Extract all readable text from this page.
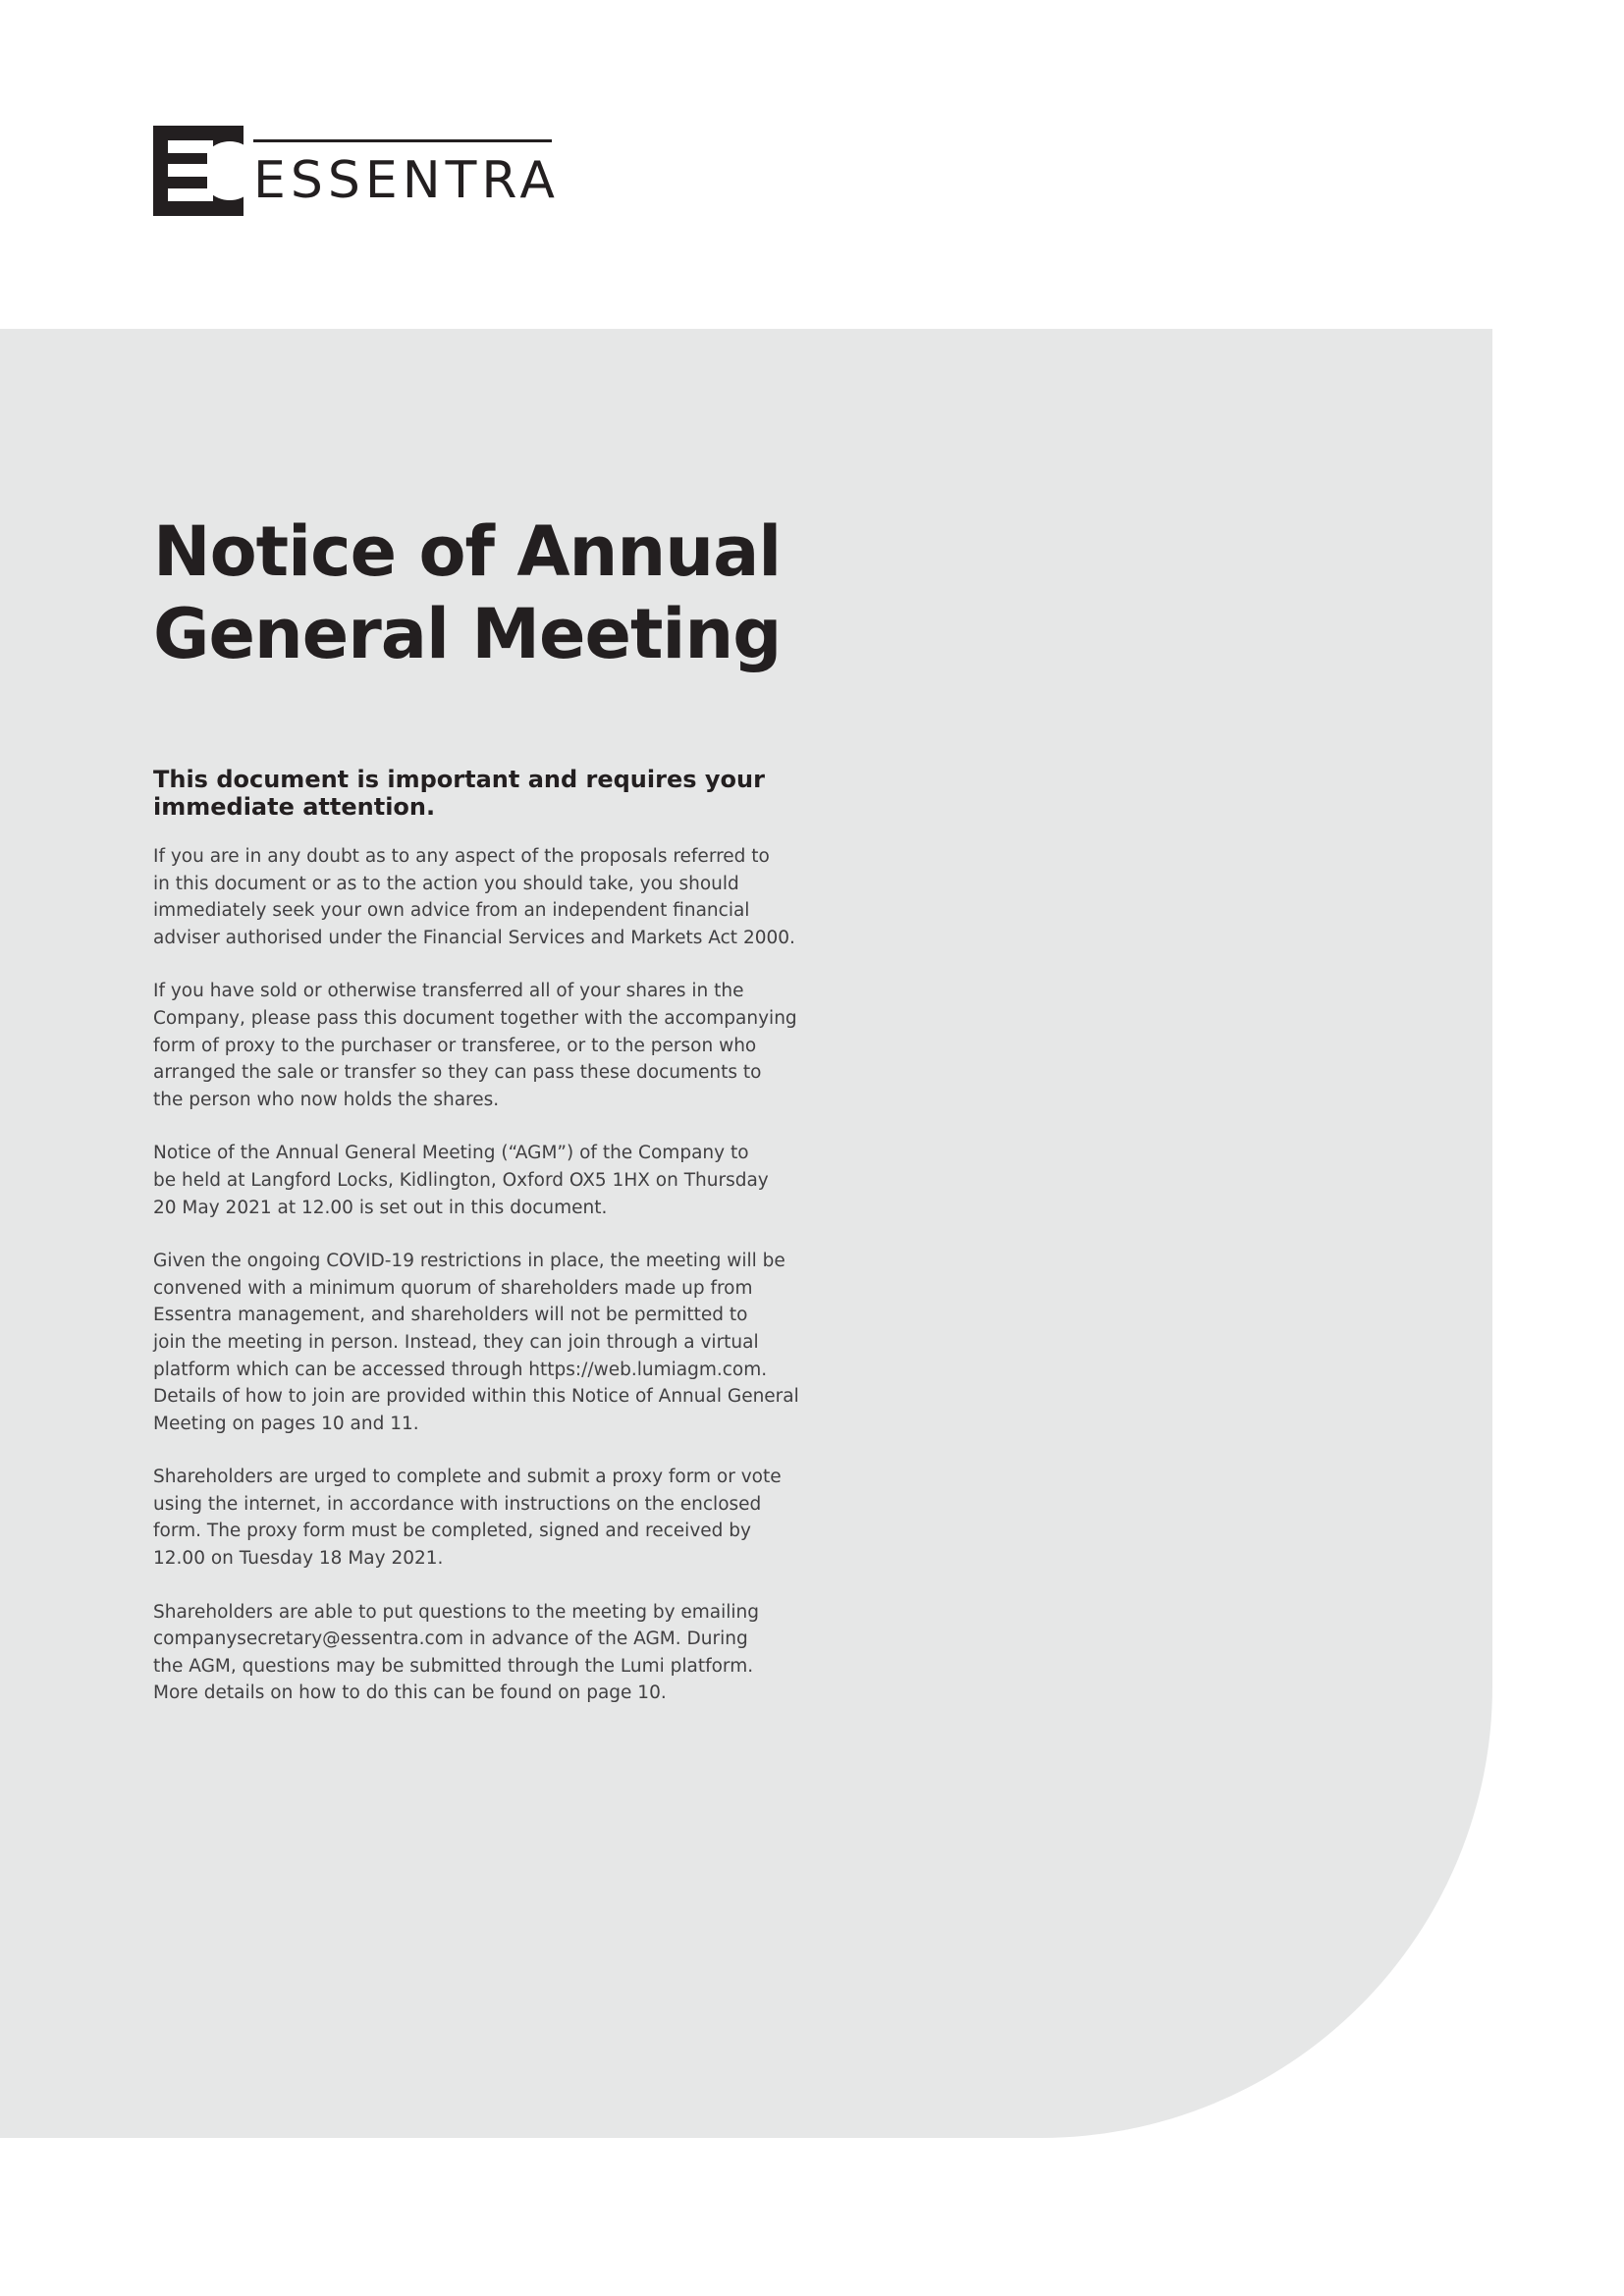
ESSENTRA
Notice of Annual
General Meeting

This document is important and requires your immediate attention.

If you are in any doubt as to any aspect of the proposals referred to
in this document or as to the action you should take, you should
immediately seek your own advice from an independent financial
adviser authorised under the Financial Services and Markets Act 2000.

If you have sold or otherwise transferred all of your shares in the
Company, please pass this document together with the accompanying
form of proxy to the purchaser or transferee, or to the person who
arranged the sale or transfer so they can pass these documents to
the person who now holds the shares.

Notice of the Annual General Meeting (“AGM”) of the Company to
be held at Langford Locks, Kidlington, Oxford OX5 1HX on Thursday
20 May 2021 at 12.00 is set out in this document.

Given the ongoing COVID-19 restrictions in place, the meeting will be
convened with a minimum quorum of shareholders made up from
Essentra management, and shareholders will not be permitted to
join the meeting in person. Instead, they can join through a virtual
platform which can be accessed through https://web.lumiagm.com.
Details of how to join are provided within this Notice of Annual General
Meeting on pages 10 and 11.

Shareholders are urged to complete and submit a proxy form or vote
using the internet, in accordance with instructions on the enclosed
form. The proxy form must be completed, signed and received by
12.00 on Tuesday 18 May 2021.

Shareholders are able to put questions to the meeting by emailing
companysecretary@essentra.com in advance of the AGM. During
the AGM, questions may be submitted through the Lumi platform.
More details on how to do this can be found on page 10.
